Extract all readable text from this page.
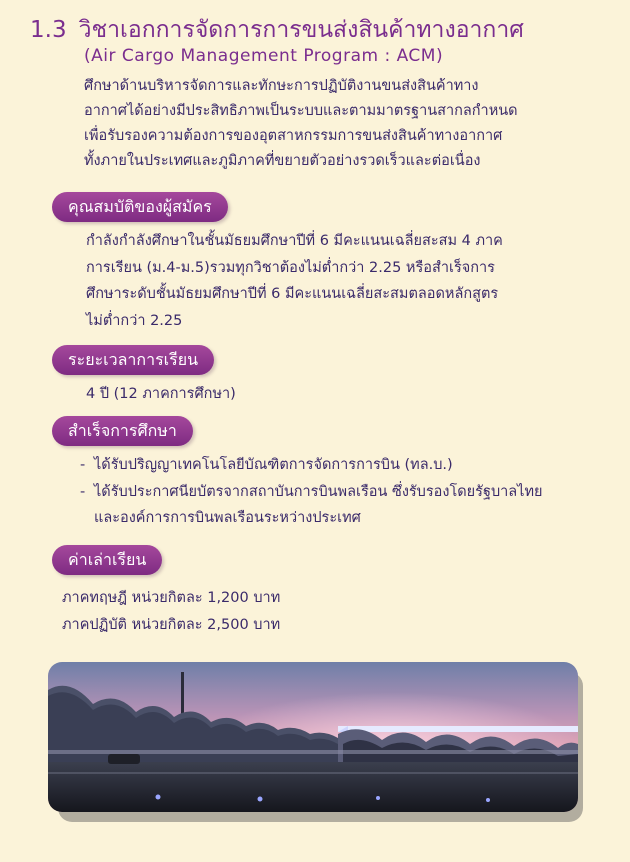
1.3 วิชาเอกการจัดการการขนส่งสินค้าทางอากาศ
(Air Cargo Management Program : ACM)
ศึกษาด้านบริหารจัดการและทักษะการปฏิบัติงานขนส่งสินค้าทาง
อากาศได้อย่างมีประสิทธิภาพเป็นระบบและตามมาตรฐานสากลกำหนด
เพื่อรับรองความต้องการของอุตสาหกรรมการขนส่งสินค้าทางอากาศ
ทั้งภายในประเทศและภูมิภาคที่ขยายตัวอย่างรวดเร็วและต่อเนื่อง
คุณสมบัติของผู้สมัคร
กำลังกำลังศึกษาในชั้นมัธยมศึกษาปีที่ 6 มีคะแนนเฉลี่ยสะสม 4 ภาค
การเรียน (ม.4-ม.5)รวมทุกวิชาต้องไม่ต่ำกว่า 2.25 หรือสำเร็จการ
ศึกษาระดับชั้นมัธยมศึกษาปีที่ 6 มีคะแนนเฉลี่ยสะสมตลอดหลักสูตร
ไม่ต่ำกว่า 2.25
ระยะเวลาการเรียน
4 ปี (12 ภาคการศึกษา)
สำเร็จการศึกษา
- ได้รับปริญญาเทคโนโลยีบัณฑิตการจัดการการบิน (ทล.บ.)
- ได้รับประกาศนียบัตรจากสถาบันการบินพลเรือน ซึ่งรับรองโดยรัฐบาลไทย
และองค์การการบินพลเรือนระหว่างประเทศ
ค่าเล่าเรียน
ภาคทฤษฎี หน่วยกิตละ 1,200 บาท
ภาคปฏิบัติ หน่วยกิตละ 2,500 บาท
